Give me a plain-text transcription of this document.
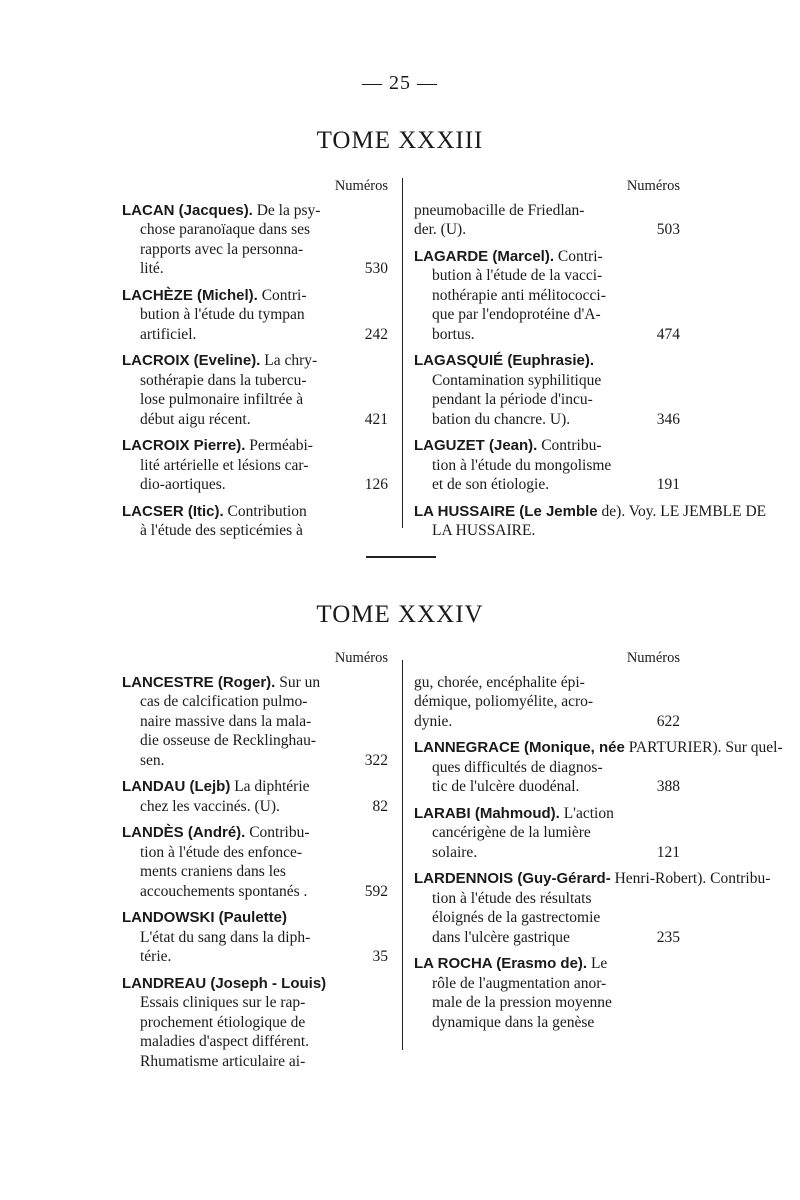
— 25 —
TOME XXXIII
Numéros
LACAN (Jacques). De la psy-
chose paranoïaque dans ses
rapports avec la personna-
lité.	530
LACHÈZE (Michel). Contri-
bution à l'étude du tympan
artificiel.	242
LACROIX (Eveline). La chry-
sothérapie dans la tubercu-
lose pulmonaire infiltrée à
début aigu récent.	421
LACROIX Pierre). Perméabi-
lité artérielle et lésions car-
dio-aortiques.	126
LACSER (Itic). Contribution
à l'étude des septicémies à
Numéros
pneumobacille de Friedlan-
der. (U).	503
LAGARDE (Marcel). Contri-
bution à l'étude de la vacci-
nothérapie anti mélitococci-
que par l'endoprotéine d'A-
bortus.	474
LAGASQUIÉ (Euphrasie).
Contamination syphilitique
pendant la période d'incu-
bation du chancre. U).	346
LAGUZET (Jean). Contribu-
tion à l'étude du mongolisme
et de son étiologie.	191
LA HUSSAIRE (Le Jemble de). Voy. LE JEMBLE DE
LA HUSSAIRE.
TOME XXXIV
Numéros
LANCESTRE (Roger). Sur un
cas de calcification pulmo-
naire massive dans la mala-
die osseuse de Recklinghau-
sen.	322
LANDAU (Lejb) La diphtérie
chez les vaccinés. (U).	82
LANDÈS (André). Contribu-
tion à l'étude des enfonce-
ments craniens dans les
accouchements spontanés .	592
LANDOWSKI (Paulette)
L'état du sang dans la diph-
térie.	35
LANDREAU (Joseph - Louis)
Essais cliniques sur le rap-
prochement étiologique de
maladies d'aspect différent.
Rhumatisme articulaire ai-
Numéros
gu, chorée, encéphalite épi-
démique, poliomyélite, acro-
dynie.	622
LANNEGRACE (Monique, née PARTURIER). Sur quel-
ques difficultés de diagnos-
tic de l'ulcère duodénal.	388
LARABI (Mahmoud). L'action
cancérigène de la lumière
solaire.	121
LARDENNOIS (Guy-Gérard- Henri-Robert). Contribu-
tion à l'étude des résultats
éloignés de la gastrectomie
dans l'ulcère gastrique	235
LA ROCHA (Erasmo de). Le
rôle de l'augmentation anor-
male de la pression moyenne
dynamique dans la genèse
